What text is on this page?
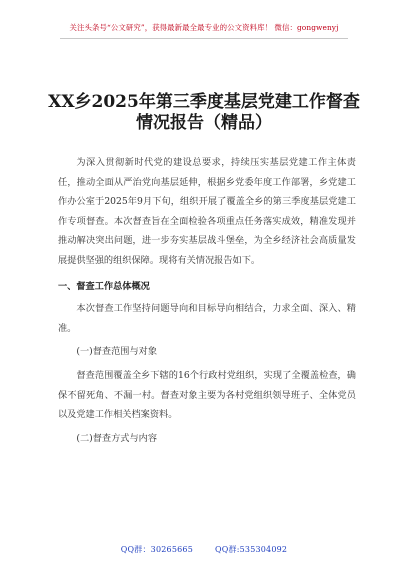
关注头条号“公文研究”，获得最新最全最专业的公文资料库！ 微信：gongwenyj
XX乡2025年第三季度基层党建工作督查
情况报告（精品）

为深入贯彻新时代党的建设总要求，持续压实基层党建工作主体责任，推动全面从严治党向基层延伸，根据乡党委年度工作部署，乡党建工作办公室于2025年9月下旬，组织开展了覆盖全乡的第三季度基层党建工作专项督查。本次督查旨在全面检验各项重点任务落实成效，精准发现并推动解决突出问题，进一步夯实基层战斗堡垒，为全乡经济社会高质量发展提供坚强的组织保障。现将有关情况报告如下。

一、督查工作总体概况

本次督查工作坚持问题导向和目标导向相结合，力求全面、深入、精准。

(一)督查范围与对象

督查范围覆盖全乡下辖的16个行政村党组织，实现了全覆盖检查，确保不留死角、不漏一村。督查对象主要为各村党组织领导班子、全体党员以及党建工作相关档案资料。

(二)督查方式与内容

QQ群：30265665	QQ群:535304092
